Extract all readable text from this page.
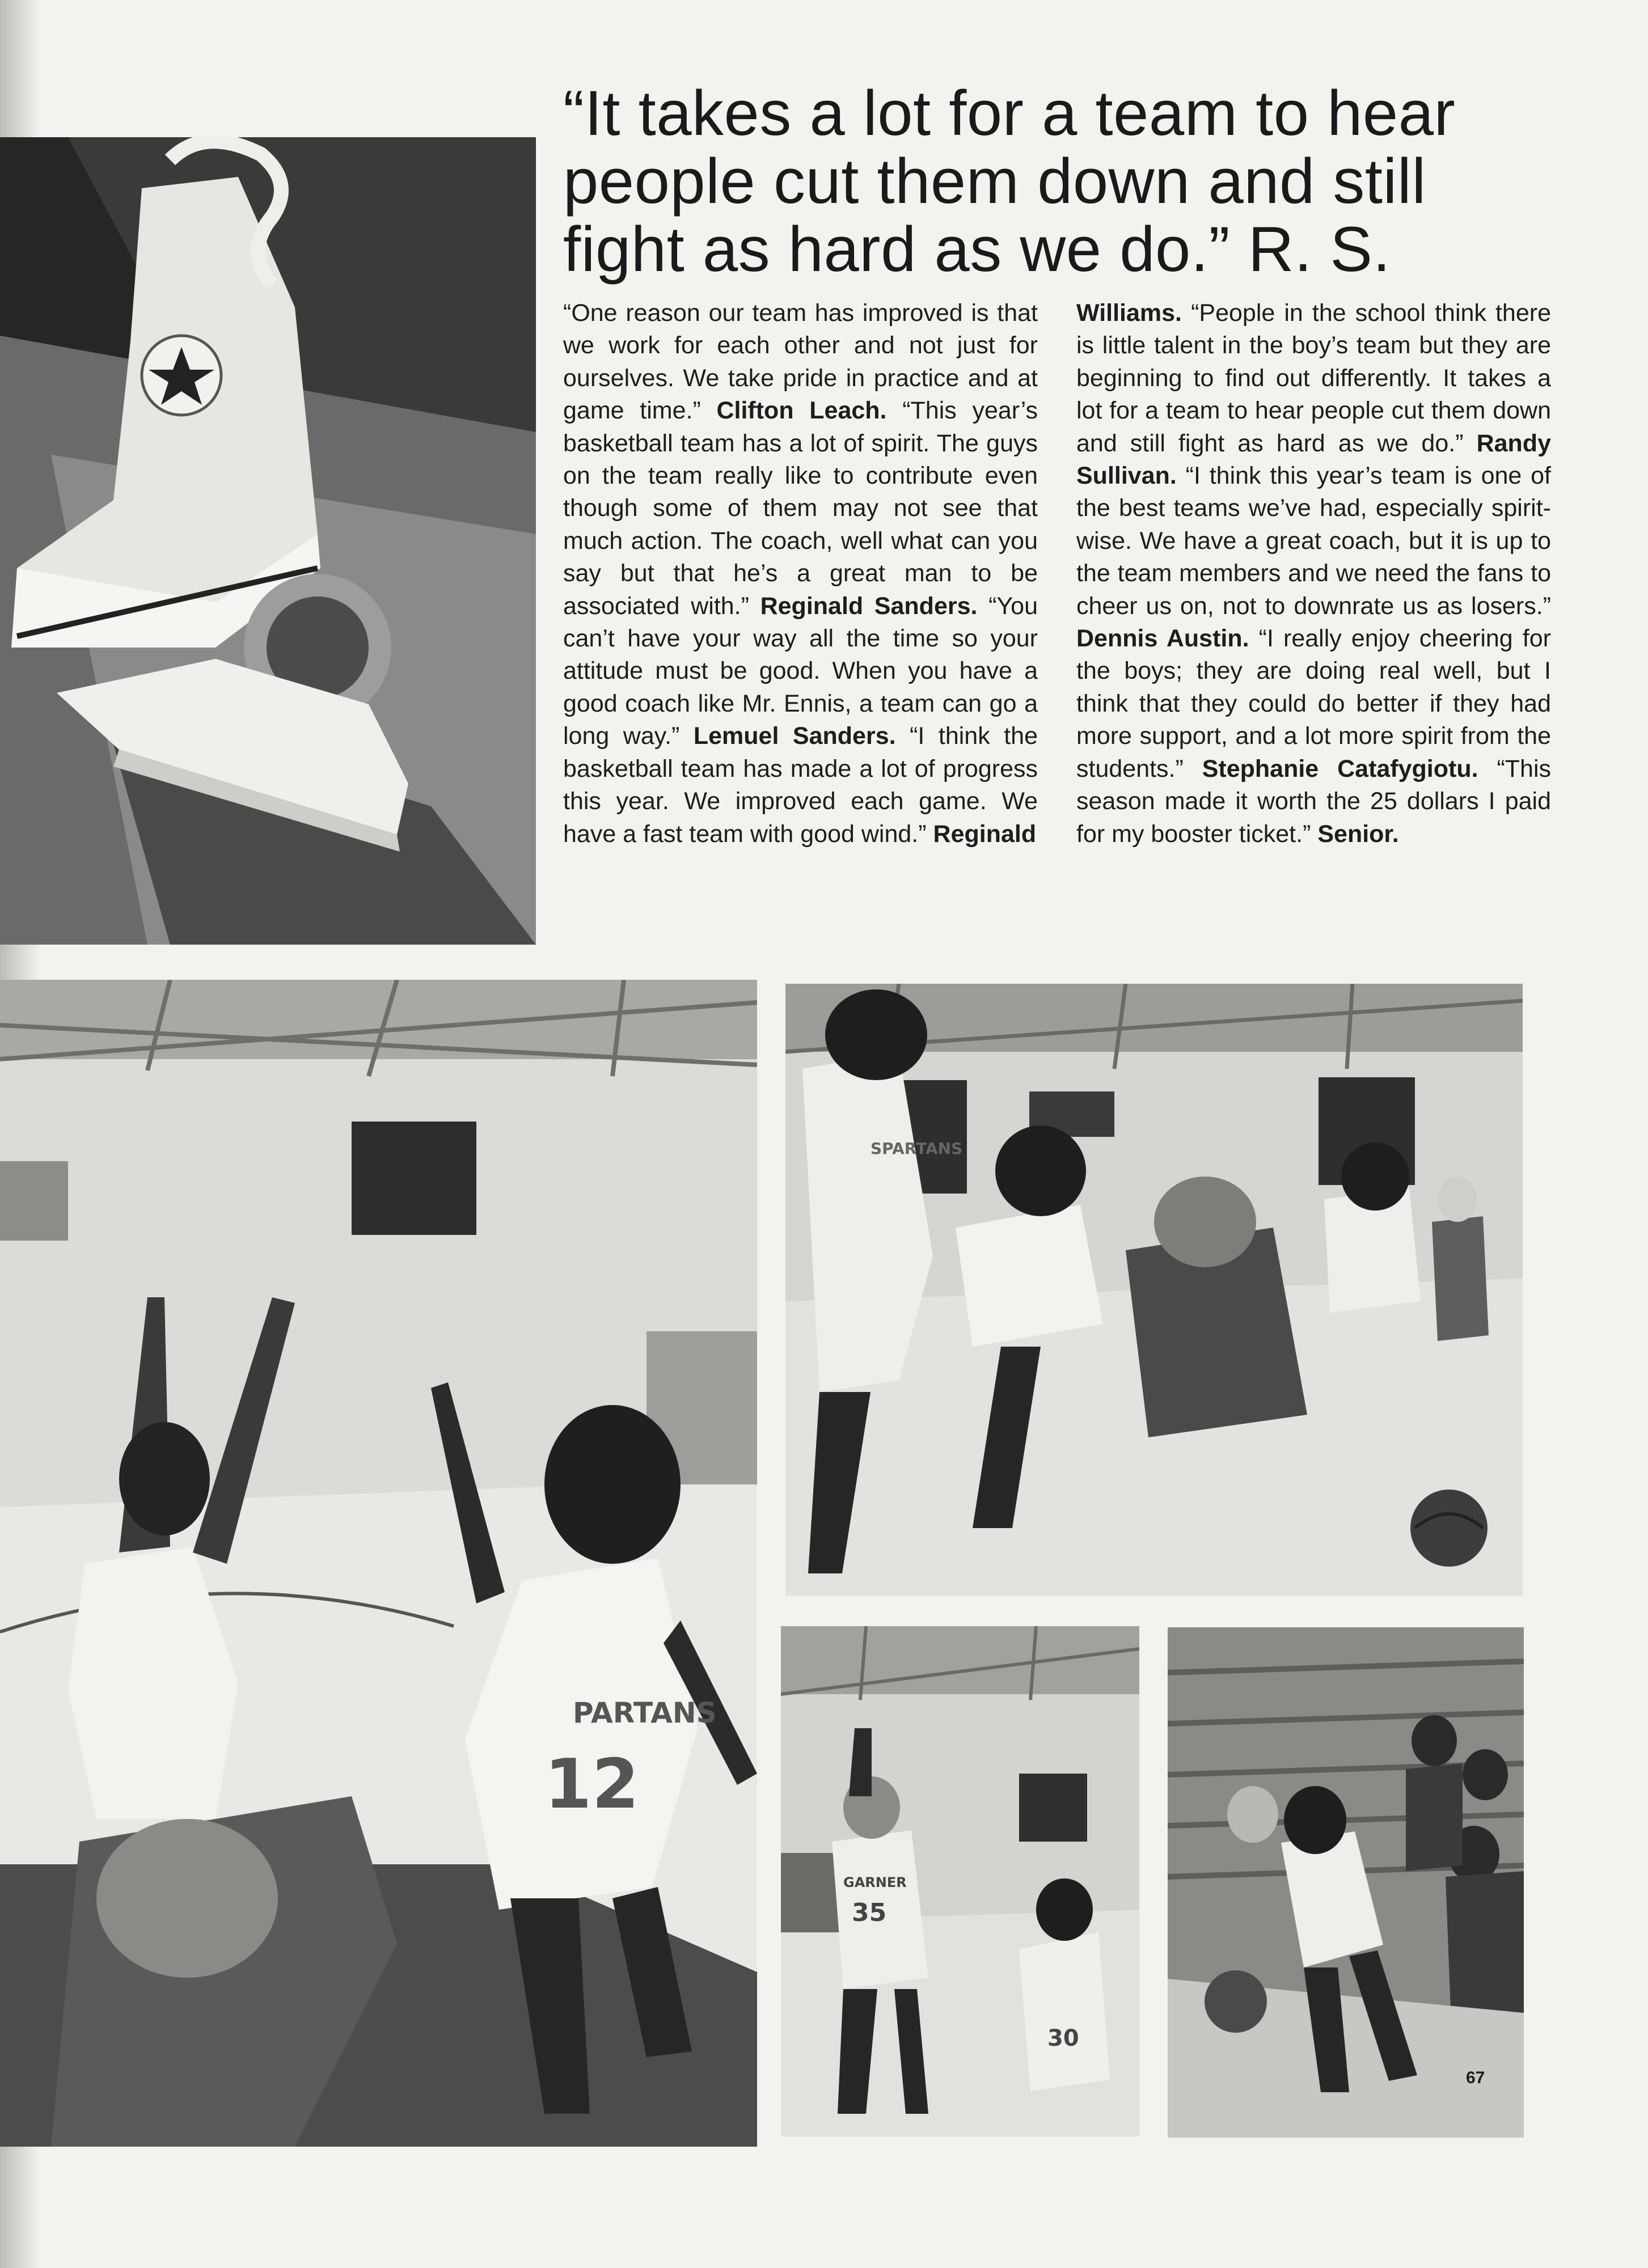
“It takes a lot for a team to hear people cut them down and still fight as hard as we do.” R. S.
“One reason our team has improved is that we work for each other and not just for ourselves. We take pride in practice and at game time.” Clifton Leach. “This year’s basketball team has a lot of spirit. The guys on the team really like to contribute even though some of them may not see that much action. The coach, well what can you say but that he’s a great man to be associated with.” Reginald Sanders. “You can’t have your way all the time so your attitude must be good. When you have a good coach like Mr. Ennis, a team can go a long way.” Lemuel Sanders. “I think the basketball team has made a lot of progress this year. We improved each game. We have a fast team with good wind.” Reginald
Williams. “People in the school think there is little talent in the boy’s team but they are beginning to find out differently. It takes a lot for a team to hear people cut them down and still fight as hard as we do.” Randy Sullivan. “I think this year’s team is one of the best teams we’ve had, especially spirit-wise. We have a great coach, but it is up to the team members and we need the fans to cheer us on, not to downrate us as losers.” Dennis Austin. “I really enjoy cheering for the boys; they are doing real well, but I think that they could do better if they had more support, and a lot more spirit from the students.” Stephanie Catafygiotu. “This season made it worth the 25 dollars I paid for my booster ticket.” Senior.
PARTANS
12
SPARTANS
GARNER
35
30
67
